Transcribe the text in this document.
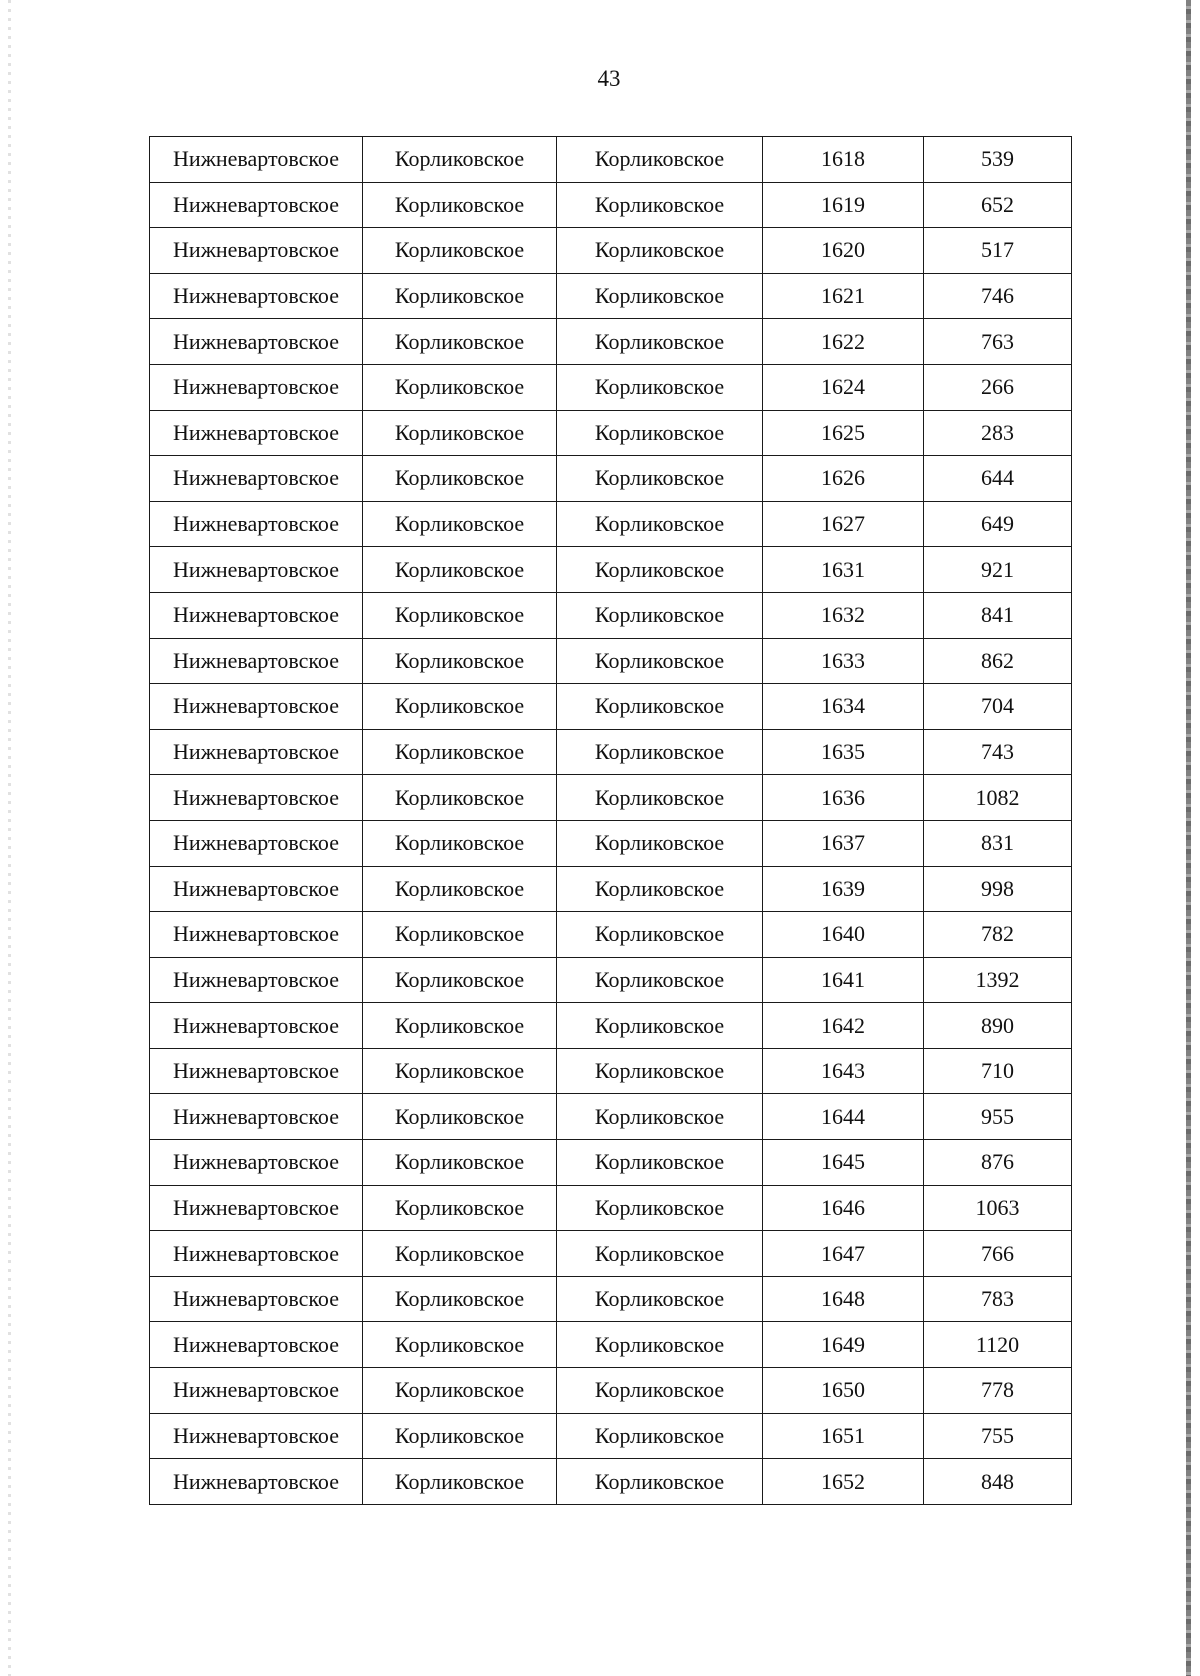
43
Нижневартовское	Корликовское	Корликовское	1618	539
Нижневартовское	Корликовское	Корликовское	1619	652
Нижневартовское	Корликовское	Корликовское	1620	517
Нижневартовское	Корликовское	Корликовское	1621	746
Нижневартовское	Корликовское	Корликовское	1622	763
Нижневартовское	Корликовское	Корликовское	1624	266
Нижневартовское	Корликовское	Корликовское	1625	283
Нижневартовское	Корликовское	Корликовское	1626	644
Нижневартовское	Корликовское	Корликовское	1627	649
Нижневартовское	Корликовское	Корликовское	1631	921
Нижневартовское	Корликовское	Корликовское	1632	841
Нижневартовское	Корликовское	Корликовское	1633	862
Нижневартовское	Корликовское	Корликовское	1634	704
Нижневартовское	Корликовское	Корликовское	1635	743
Нижневартовское	Корликовское	Корликовское	1636	1082
Нижневартовское	Корликовское	Корликовское	1637	831
Нижневартовское	Корликовское	Корликовское	1639	998
Нижневартовское	Корликовское	Корликовское	1640	782
Нижневартовское	Корликовское	Корликовское	1641	1392
Нижневартовское	Корликовское	Корликовское	1642	890
Нижневартовское	Корликовское	Корликовское	1643	710
Нижневартовское	Корликовское	Корликовское	1644	955
Нижневартовское	Корликовское	Корликовское	1645	876
Нижневартовское	Корликовское	Корликовское	1646	1063
Нижневартовское	Корликовское	Корликовское	1647	766
Нижневартовское	Корликовское	Корликовское	1648	783
Нижневартовское	Корликовское	Корликовское	1649	1120
Нижневартовское	Корликовское	Корликовское	1650	778
Нижневартовское	Корликовское	Корликовское	1651	755
Нижневартовское	Корликовское	Корликовское	1652	848
